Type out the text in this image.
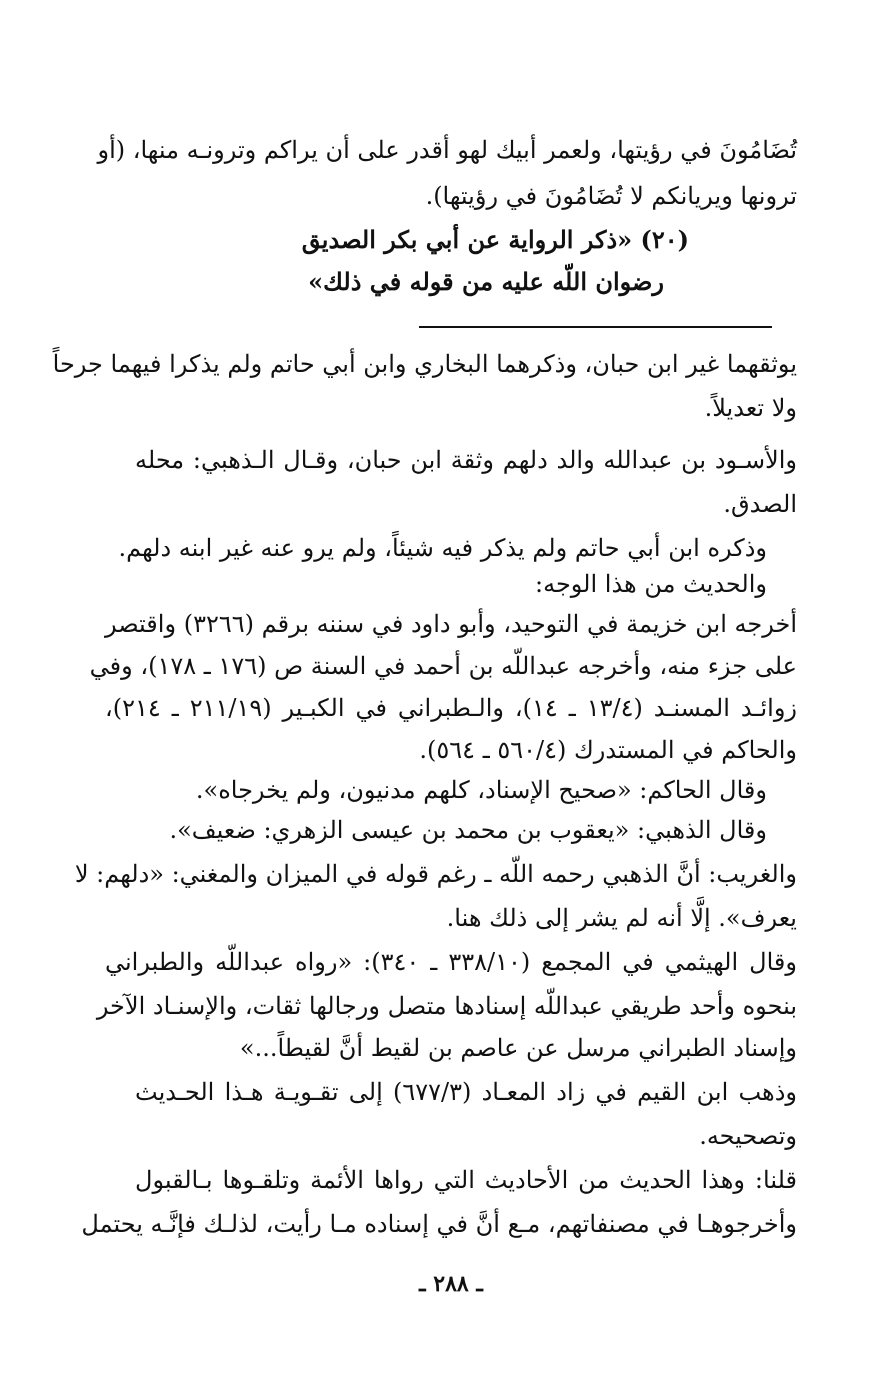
تُضَامُونَ في رؤيتها، ولعمر أبيك لهو أقدر على أن يراكم وترونـه منها، (أو
ترونها ويريانكم لا تُضَامُونَ في رؤيتها).
(٢٠) «ذكر الرواية عن أبي بكر الصديق
رضوان اللّه عليه من قوله في ذلك»
يوثقهما غير ابن حبان، وذكرهما البخاري وابن أبي حاتم ولم يذكرا فيهما جرحاً
ولا تعديلاً.
والأسـود بن عبدالله والد دلهم وثقة ابن حبان، وقـال الـذهبي: محله
الصدق.
وذكره ابن أبي حاتم ولم يذكر فيه شيئاً، ولم يرو عنه غير ابنه دلهم.
والحديث من هذا الوجه:
أخرجه ابن خزيمة في التوحيد، وأبو داود في سننه برقم (٣٢٦٦) واقتصر
على جزء منه، وأخرجه عبداللّه بن أحمد في السنة ص (١٧٦ ـ ١٧٨)، وفي
زوائـد المسنـد (١٣/٤ ـ ١٤)، والـطبراني في الكبـير (٢١١/١٩ ـ ٢١٤)،
والحاكم في المستدرك (٥٦٠/٤ ـ ٥٦٤).
وقال الحاكم: «صحيح الإسناد، كلهم مدنيون، ولم يخرجاه».
وقال الذهبي: «يعقوب بن محمد بن عيسى الزهري: ضعيف».
والغريب: أنَّ الذهبي رحمه اللّه ـ رغم قوله في الميزان والمغني: «دلهم: لا
يعرف». إلَّا أنه لم يشر إلى ذلك هنا.
وقال الهيثمي في المجمع (٣٣٨/١٠ ـ ٣٤٠): «رواه عبداللّه والطبراني
بنحوه وأحد طريقي عبداللّه إسنادها متصل ورجالها ثقات، والإسنـاد الآخر
وإسناد الطبراني مرسل عن عاصم بن لقيط أنَّ لقيطاً...»
وذهب ابن القيم في زاد المعـاد (٦٧٧/٣) إلى تقـويـة هـذا الحـديث
وتصحيحه.
قلنا: وهذا الحديث من الأحاديث التي رواها الأئمة وتلقـوها بـالقبول
وأخرجوهـا في مصنفاتهم، مـع أنَّ في إسناده مـا رأيت، لذلـك فإنَّـه يحتمل
ـ ٢٨٨ ـ
